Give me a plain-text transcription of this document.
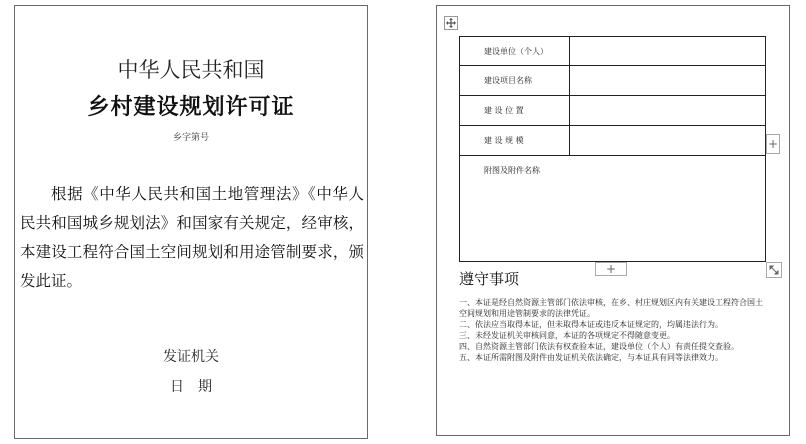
中华人民共和国
乡村建设规划许可证
乡字第号
根据《中华人民共和国土地管理法》《中华人民共和国城乡规划法》和国家有关规定，经审核，本建设工程符合国土空间规划和用途管制要求，颁发此证。
发证机关
日　期
建设单位（个人）
建设项目名称
建 设 位 置
建 设 规 模
附图及附件名称
+
+
遵守事项
一、本证是经自然资源主管部门依法审核，在乡、村庄规划区内有关建设工程符合国土空间规划和用途管制要求的法律凭证。
二、依法应当取得本证，但未取得本证或违反本证规定的，均属违法行为。
三、未经发证机关审核同意，本证的各项规定不得随意变更。
四、自然资源主管部门依法有权查验本证，建设单位（个人）有责任提交查验。
五、本证所需附图及附件由发证机关依法确定，与本证具有同等法律效力。
